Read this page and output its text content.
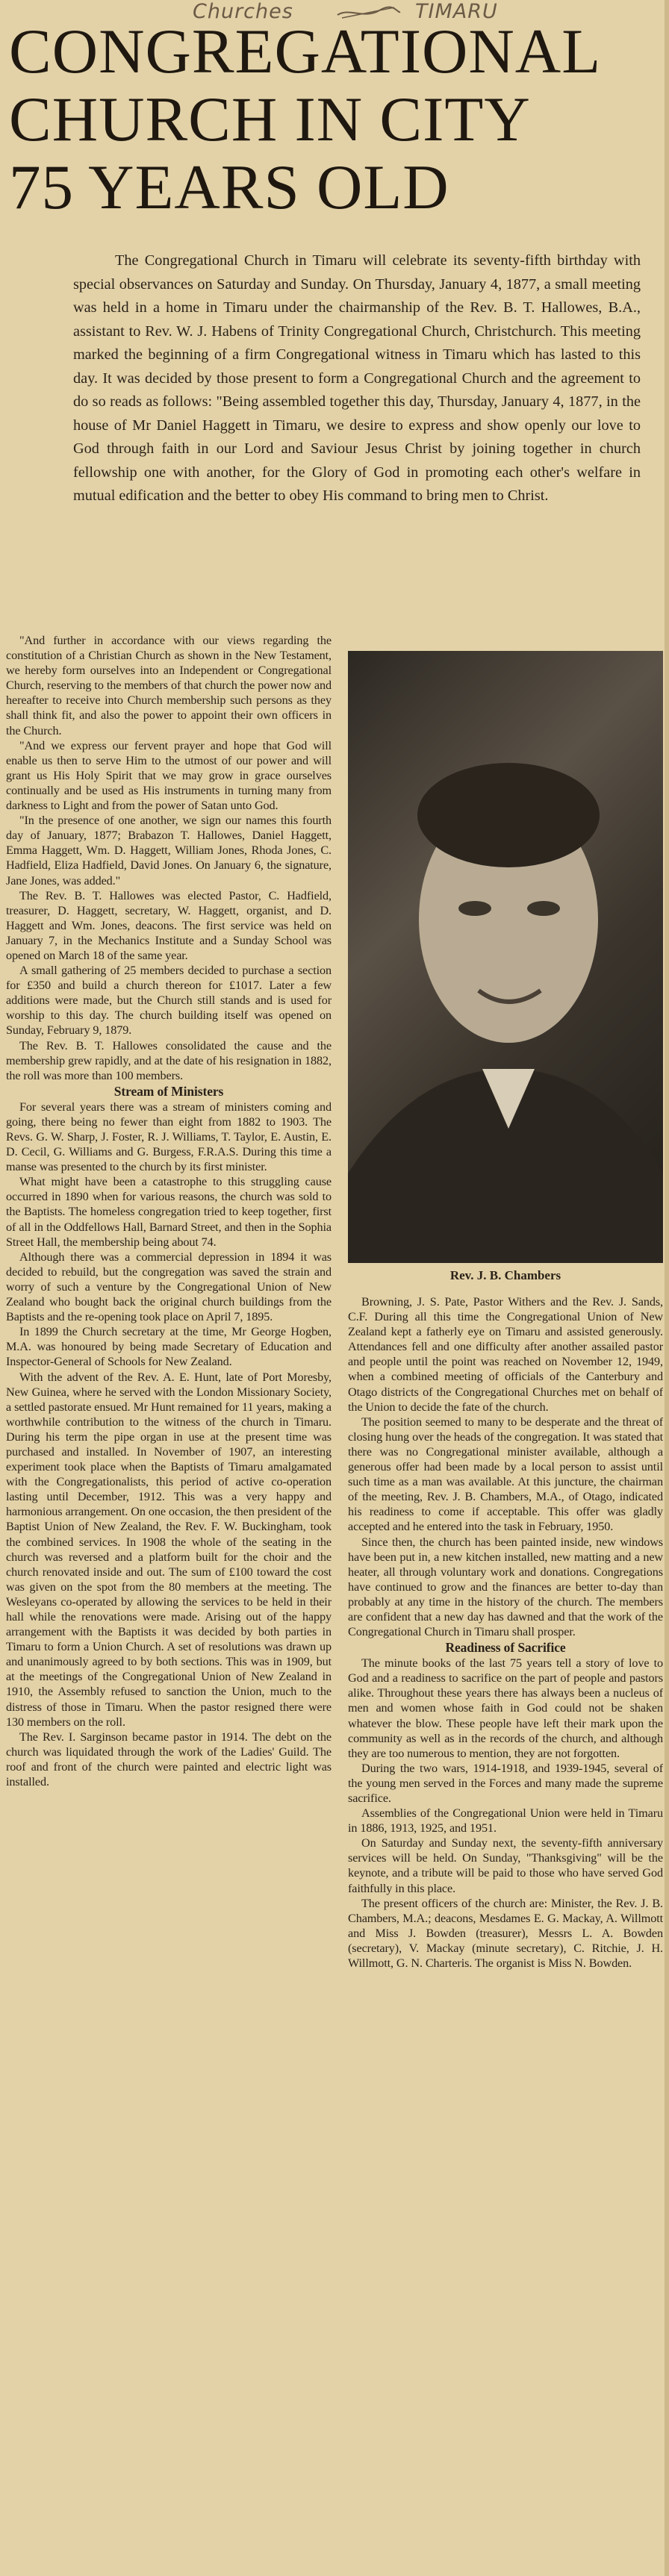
Churches	TIMARU
CONGREGATIONAL
CHURCH IN CITY
75 YEARS OLD
The Congregational Church in Timaru will celebrate its seventy-fifth birthday with special observances on Saturday and Sunday. On Thursday, January 4, 1877, a small meeting was held in a home in Timaru under the chairmanship of the Rev. B. T. Hallowes, B.A., assistant to Rev. W. J. Habens of Trinity Congregational Church, Christchurch. This meeting marked the beginning of a firm Congregational witness in Timaru which has lasted to this day. It was decided by those present to form a Congregational Church and the agreement to do so reads as follows: "Being assembled together this day, Thursday, January 4, 1877, in the house of Mr Daniel Haggett in Timaru, we desire to express and show openly our love to God through faith in our Lord and Saviour Jesus Christ by joining together in church fellowship one with another, for the Glory of God in promoting each other's welfare in mutual edification and the better to obey His command to bring men to Christ.

"And further in accordance with our views regarding the constitution of a Christian Church as shown in the New Testament, we hereby form ourselves into an Independent or Congregational Church, reserving to the members of that church the power now and hereafter to receive into Church membership such persons as they shall think fit, and also the power to appoint their own officers in the Church.

"And we express our fervent prayer and hope that God will enable us then to serve Him to the utmost of our power and will grant us His Holy Spirit that we may grow in grace ourselves continually and be used as His instruments in turning many from darkness to Light and from the power of Satan unto God.

"In the presence of one another, we sign our names this fourth day of January, 1877; Brabazon T. Hallowes, Daniel Haggett, Emma Haggett, Wm. D. Haggett, William Jones, Rhoda Jones, C. Hadfield, Eliza Hadfield, David Jones. On January 6, the signature, Jane Jones, was added."

The Rev. B. T. Hallowes was elected Pastor, C. Hadfield, treasurer, D. Haggett, secretary, W. Haggett, organist, and D. Haggett and Wm. Jones, deacons. The first service was held on January 7, in the Mechanics Institute and a Sunday School was opened on March 18 of the same year.

A small gathering of 25 members decided to purchase a section for £350 and build a church thereon for £1017. Later a few additions were made, but the Church still stands and is used for worship to this day. The church building itself was opened on Sunday, February 9, 1879.

The Rev. B. T. Hallowes consolidated the cause and the membership grew rapidly, and at the date of his resignation in 1882, the roll was more than 100 members.

Stream of Ministers

For several years there was a stream of ministers coming and going, there being no fewer than eight from 1882 to 1903. The Revs. G. W. Sharp, J. Foster, R. J. Williams, T. Taylor, E. Austin, E. D. Cecil, G. Williams and G. Burgess, F.R.A.S. During this time a manse was presented to the church by its first minister.

What might have been a catastrophe to this struggling cause occurred in 1890 when for various reasons, the church was sold to the Baptists. The homeless congregation tried to keep together, first of all in the Oddfellows Hall, Barnard Street, and then in the Sophia Street Hall, the membership being about 74.

Although there was a commercial depression in 1894 it was decided to rebuild, but the congregation was saved the strain and worry of such a venture by the Congregational Union of New Zealand who bought back the original church buildings from the Baptists and the re-opening took place on April 7, 1895.

In 1899 the Church secretary at the time, Mr George Hogben, M.A. was honoured by being made Secretary of Education and Inspector-General of Schools for New Zealand.

With the advent of the Rev. A. E. Hunt, late of Port Moresby, New Guinea, where he served with the London Missionary Society, a settled pastorate ensued. Mr Hunt remained for 11 years, making a worthwhile contribution to the witness of the church in Timaru. During his term the pipe organ in use at the present time was purchased and installed. In November of 1907, an interesting experiment took place when the Baptists of Timaru amalgamated with the Congregationalists, this period of active co-operation lasting until December, 1912. This was a very happy and harmonious arrangement. On one occasion, the then president of the Baptist Union of New Zealand, the Rev. F. W. Buckingham, took the combined services. In 1908 the whole of the seating in the church was reversed and a platform built for the choir and the church renovated inside and out. The sum of £100 toward the cost was given on the spot from the 80 members at the meeting. The Wesleyans co-operated by allowing the services to be held in their hall while the renovations were made. Arising out of the happy arrangement with the Baptists it was decided by both parties in Timaru to form a Union Church. A set of resolutions was drawn up and unanimously agreed to by both sections. This was in 1909, but at the meetings of the Congregational Union of New Zealand in 1910, the Assembly refused to sanction the Union, much to the distress of those in Timaru. When the pastor resigned there were 130 members on the roll.

The Rev. I. Sarginson became pastor in 1914. The debt on the church was liquidated through the work of the Ladies' Guild. The roof and front of the church were painted and electric light was installed.

Rev. J. B. Chambers

Browning, J. S. Pate, Pastor Withers and the Rev. J. Sands, C.F. During all this time the Congregational Union of New Zealand kept a fatherly eye on Timaru and assisted generously. Attendances fell and one difficulty after another assailed pastor and people until the point was reached on November 12, 1949, when a combined meeting of officials of the Canterbury and Otago districts of the Congregational Churches met on behalf of the Union to decide the fate of the church.

The position seemed to many to be desperate and the threat of closing hung over the heads of the congregation. It was stated that there was no Congregational minister available, although a generous offer had been made by a local person to assist until such time as a man was available. At this juncture, the chairman of the meeting, Rev. J. B. Chambers, M.A., of Otago, indicated his readiness to come if acceptable. This offer was gladly accepted and he entered into the task in February, 1950.

Since then, the church has been painted inside, new windows have been put in, a new kitchen installed, new matting and a new heater, all through voluntary work and donations. Congregations have continued to grow and the finances are better to-day than probably at any time in the history of the church. The members are confident that a new day has dawned and that the work of the Congregational Church in Timaru shall prosper.

Readiness of Sacrifice

The minute books of the last 75 years tell a story of love to God and a readiness to sacrifice on the part of people and pastors alike. Throughout these years there has always been a nucleus of men and women whose faith in God could not be shaken whatever the blow. These people have left their mark upon the community as well as in the records of the church, and although they are too numerous to mention, they are not forgotten.

During the two wars, 1914-1918, and 1939-1945, several of the young men served in the Forces and many made the supreme sacrifice.

Assemblies of the Congregational Union were held in Timaru in 1886, 1913, 1925, and 1951.

On Saturday and Sunday next, the seventy-fifth anniversary services will be held. On Sunday, "Thanksgiving" will be the keynote, and a tribute will be paid to those who have served God faithfully in this place.

The present officers of the church are: Minister, the Rev. J. B. Chambers, M.A.; deacons, Mesdames E. G. Mackay, A. Willmott and Miss J. Bowden (treasurer), Messrs L. A. Bowden (secretary), V. Mackay (minute secretary), C. Ritchie, J. H. Willmott, G. N. Charteris. The organist is Miss N. Bowden.
